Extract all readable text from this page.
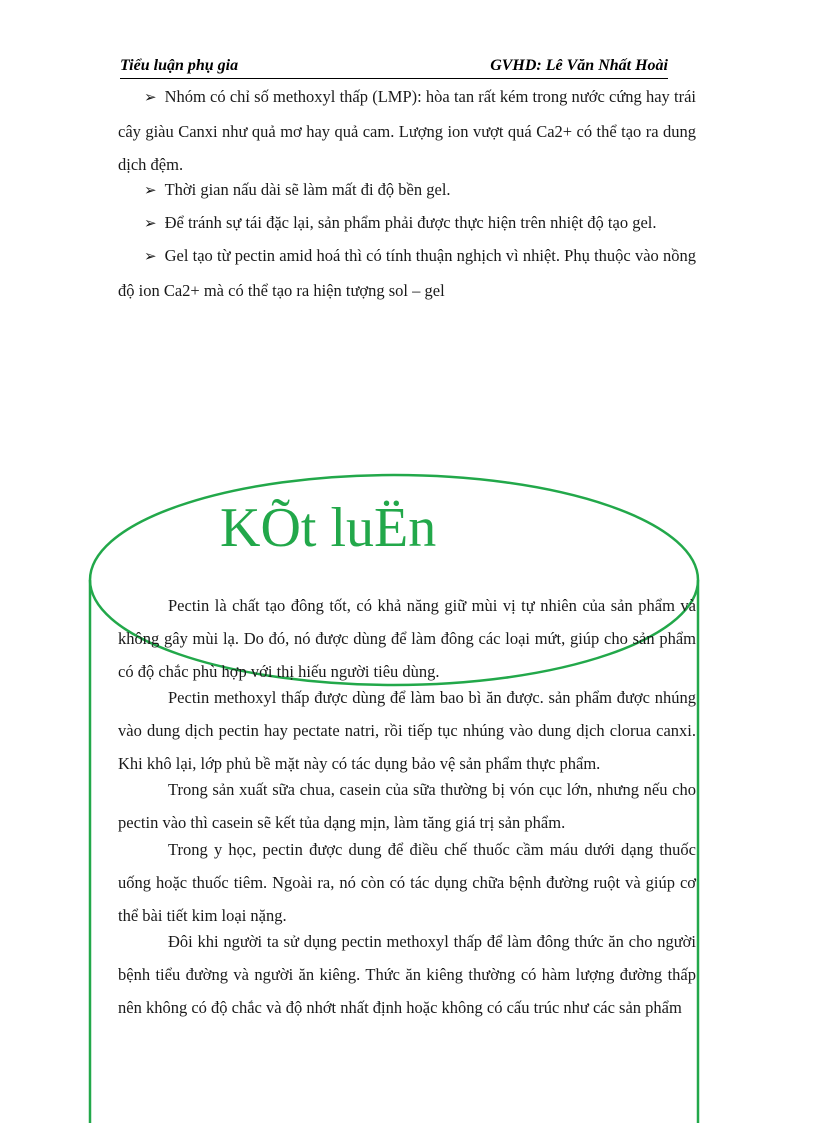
Tiểu luận phụ gia	GVHD: Lê Văn Nhất Hoài
➢ Nhóm có chỉ số methoxyl thấp (LMP): hòa tan rất kém trong nước cứng hay trái cây giàu Canxi như quả mơ hay quả cam. Lượng ion vượt quá Ca2+ có thể tạo ra dung dịch đệm.
➢ Thời gian nấu dài sẽ làm mất đi độ bền gel.
➢ Để tránh sự tái đặc lại, sản phẩm phải được thực hiện trên nhiệt độ tạo gel.
➢ Gel tạo từ pectin amid hoá thì có tính thuận nghịch vì nhiệt. Phụ thuộc vào nồng độ ion Ca2+ mà có thể tạo ra hiện tượng sol – gel
KÕt luËn
Pectin là chất tạo đông tốt, có khả năng giữ mùi vị tự nhiên của sản phẩm và không gây mùi lạ. Do đó, nó được dùng để làm đông các loại mứt, giúp cho sản phẩm có độ chắc phù hợp với thị hiếu người tiêu dùng.
Pectin methoxyl thấp được dùng để làm bao bì ăn được. sản phẩm được nhúng vào dung dịch pectin hay pectate natri, rồi tiếp tục nhúng vào dung dịch clorua canxi. Khi khô lại, lớp phủ bề mặt này có tác dụng bảo vệ sản phẩm thực phẩm.
Trong sản xuất sữa chua, casein của sữa thường bị vón cục lớn, nhưng nếu cho pectin vào thì casein sẽ kết tủa dạng mịn, làm tăng giá trị sản phẩm.
Trong y học, pectin được dung để điều chế thuốc cầm máu dưới dạng thuốc uống hoặc thuốc tiêm. Ngoài ra, nó còn có tác dụng chữa bệnh đường ruột và giúp cơ thể bài tiết kim loại nặng.
Đôi khi người ta sử dụng pectin methoxyl thấp để làm đông thức ăn cho người bệnh tiểu đường và người ăn kiêng. Thức ăn kiêng thường có hàm lượng đường thấp nên không có độ chắc và độ nhớt nhất định hoặc không có cấu trúc như các sản phẩm
